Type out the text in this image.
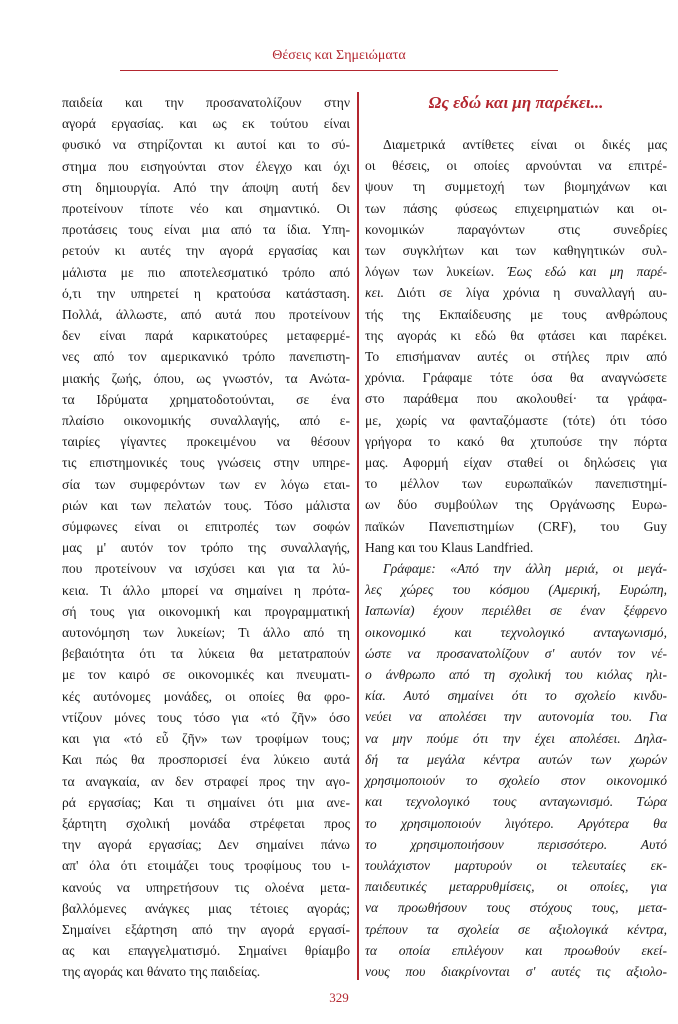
Θέσεις και Σημειώματα
παιδεία και την προσανατολίζουν στην
αγορά εργασίας. και ως εκ τούτου είναι
φυσικό να στηρίζονται κι αυτοί και το σύ-
στημα που εισηγούνται στον έλεγχο και όχι
στη δημιουργία. Από την άποψη αυτή δεν
προτείνουν τίποτε νέο και σημαντικό. Οι
προτάσεις τους είναι μια από τα ίδια. Υπη-
ρετούν κι αυτές την αγορά εργασίας και
μάλιστα με πιο αποτελεσματικό τρόπο από
ό,τι την υπηρετεί η κρατούσα κατάσταση.
Πολλά, άλλωστε, από αυτά που προτείνουν
δεν είναι παρά καρικατούρες μεταφερμέ-
νες από τον αμερικανικό τρόπο πανεπιστη-
μιακής ζωής, όπου, ως γνωστόν, τα Ανώτα-
τα Ιδρύματα χρηματοδοτούνται, σε ένα
πλαίσιο οικονομικής συναλλαγής, από ε-
ταιρίες γίγαντες προκειμένου να θέσουν
τις επιστημονικές τους γνώσεις στην υπηρε-
σία των συμφερόντων των εν λόγω εται-
ριών και των πελατών τους. Τόσο μάλιστα
σύμφωνες είναι οι επιτροπές των σοφών
μας μ' αυτόν τον τρόπο της συναλλαγής,
που προτείνουν να ισχύσει και για τα λύ-
κεια. Τι άλλο μπορεί να σημαίνει η πρότα-
σή τους για οικονομική και προγραμματική
αυτονόμηση των λυκείων; Τι άλλο από τη
βεβαιότητα ότι τα λύκεια θα μετατραπούν
με τον καιρό σε οικονομικές και πνευματι-
κές αυτόνομες μονάδες, οι οποίες θα φρο-
ντίζουν μόνες τους τόσο για «τό ζῆν» όσο
και για «τό εὖ ζῆν» των τροφίμων τους;
Και πώς θα προσπορισεί ένα λύκειο αυτά
τα αναγκαία, αν δεν στραφεί προς την αγο-
ρά εργασίας; Και τι σημαίνει ότι μια ανε-
ξάρτητη σχολική μονάδα στρέφεται προς
την αγορά εργασίας; Δεν σημαίνει πάνω
απ' όλα ότι ετοιμάζει τους τροφίμους του ι-
κανούς να υπηρετήσουν τις ολοένα μετα-
βαλλόμενες ανάγκες μιας τέτοιες αγοράς;
Σημαίνει εξάρτηση από την αγορά εργασί-
ας και επαγγελματισμό. Σημαίνει θρίαμβο
της αγοράς και θάνατο της παιδείας.
Ως εδώ και μη παρέκει...
Διαμετρικά αντίθετες είναι οι δικές μας
οι θέσεις, οι οποίες αρνούνται να επιτρέ-
ψουν τη συμμετοχή των βιομηχάνων και
των πάσης φύσεως επιχειρηματιών και οι-
κονομικών παραγόντων στις συνεδρίες
των συγκλήτων και των καθηγητικών συλ-
λόγων των λυκείων. Έως εδώ και μη παρέ-
κει. Διότι σε λίγα χρόνια η συναλλαγή αυ-
τής της Εκπαίδευσης με τους ανθρώπους
της αγοράς κι εδώ θα φτάσει και παρέκει.
Το επισήμαναν αυτές οι στήλες πριν από
χρόνια. Γράφαμε τότε όσα θα αναγνώσετε
στο παράθεμα που ακολουθεί· τα γράφα-
με, χωρίς να φανταζόμαστε (τότε) ότι τόσο
γρήγορα το κακό θα χτυπούσε την πόρτα
μας. Αφορμή είχαν σταθεί οι δηλώσεις για
το μέλλον των ευρωπαϊκών πανεπιστημί-
ων δύο συμβούλων της Οργάνωσης Ευρω-
παϊκών Πανεπιστημίων (CRF), του Guy
Hang και του Klaus Landfried.
Γράφαμε: «Από την άλλη μεριά, οι μεγά-
λες χώρες του κόσμου (Αμερική, Ευρώπη,
Ιαπωνία) έχουν περιέλθει σε έναν ξέφρενο
οικονομικό και τεχνολογικό ανταγωνισμό,
ώστε να προσανατολίζουν σ' αυτόν τον νέ-
ο άνθρωπο από τη σχολική του κιόλας ηλι-
κία. Αυτό σημαίνει ότι το σχολείο κινδυ-
νεύει να απολέσει την αυτονομία του. Για
να μην πούμε ότι την έχει απολέσει. Δηλα-
δή τα μεγάλα κέντρα αυτών των χωρών
χρησιμοποιούν το σχολείο στον οικονομικό
και τεχνολογικό τους ανταγωνισμό. Τώρα
το χρησιμοποιούν λιγότερο. Αργότερα θα
το χρησιμοποιήσουν περισσότερο. Αυτό
τουλάχιστον μαρτυρούν οι τελευταίες εκ-
παιδευτικές μεταρρυθμίσεις, οι οποίες, για
να προωθήσουν τους στόχους τους, μετα-
τρέπουν τα σχολεία σε αξιολογικά κέντρα,
τα οποία επιλέγουν και προωθούν εκεί-
νους που διακρίνονται σ' αυτές τις αξιολο-
329
